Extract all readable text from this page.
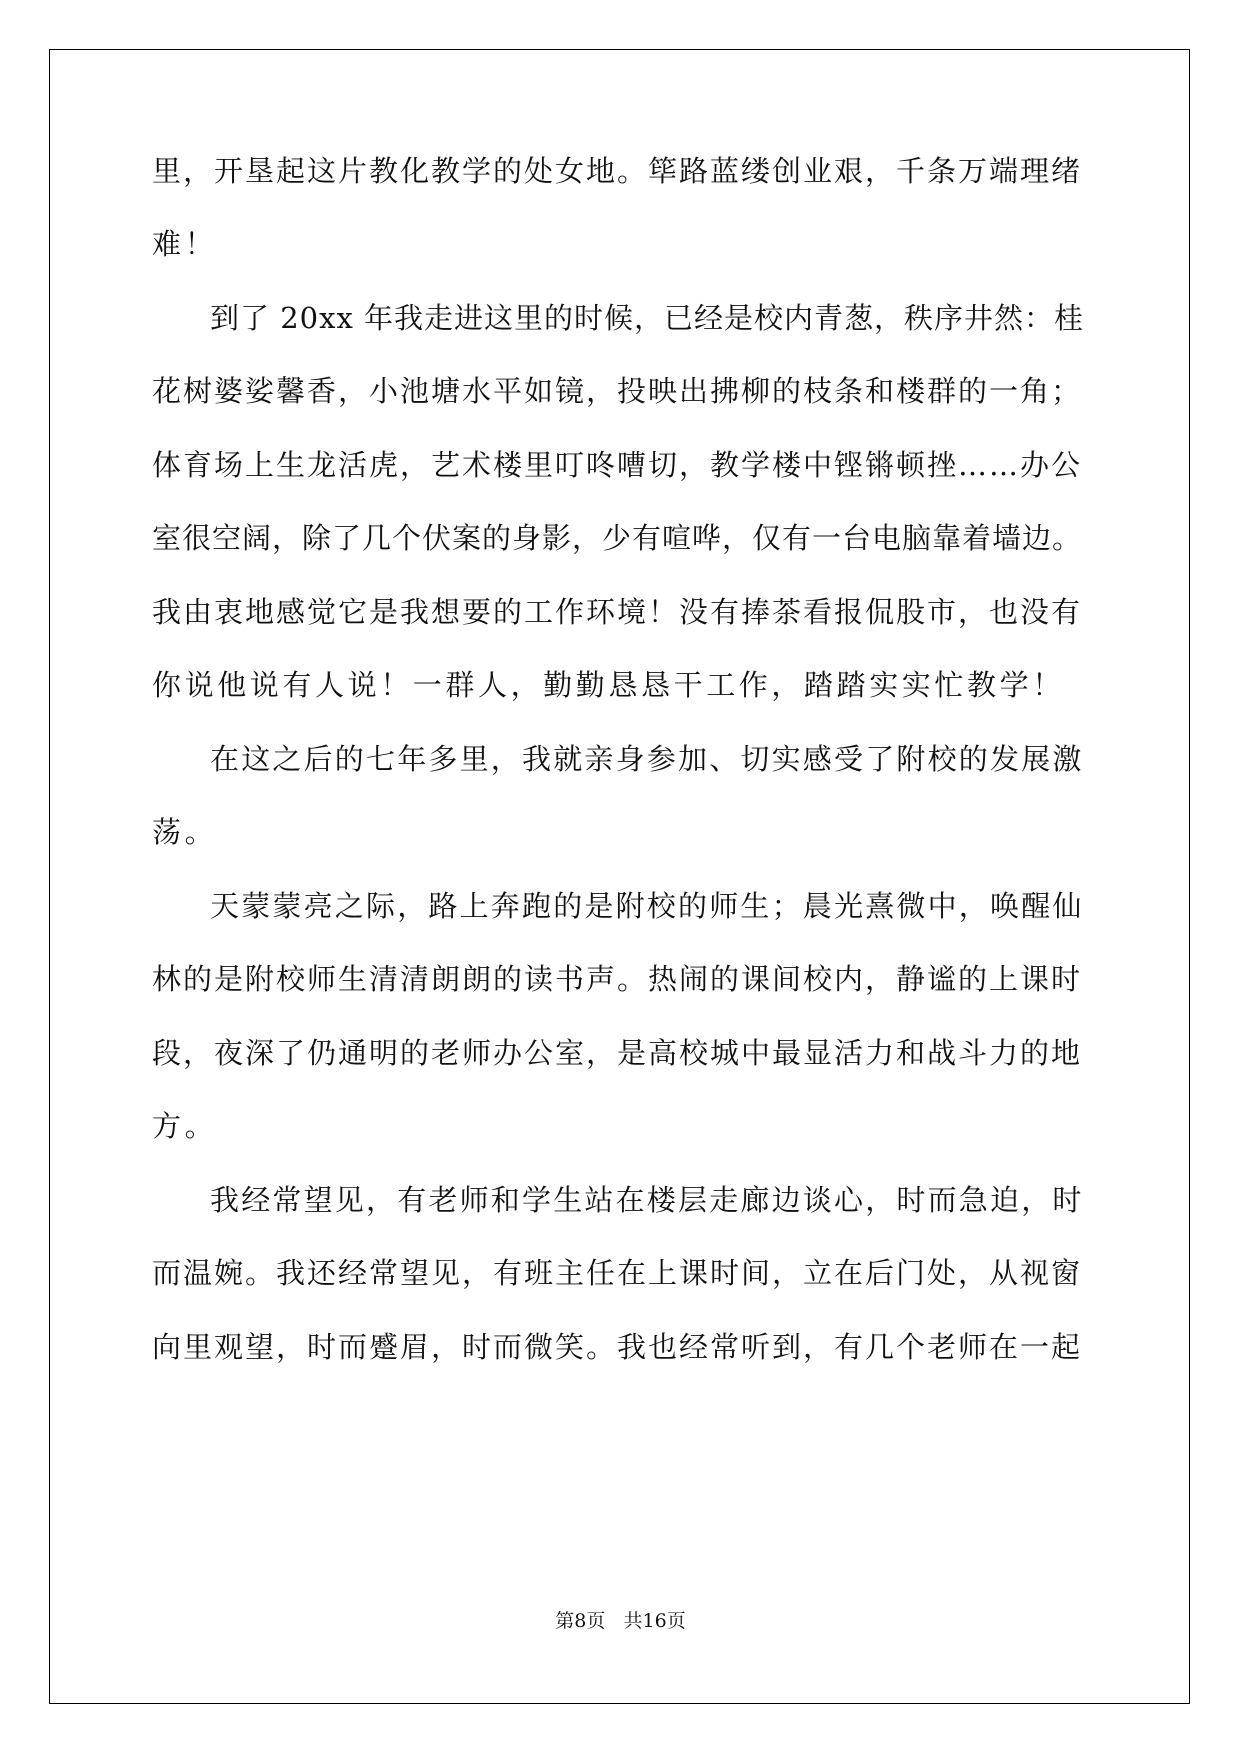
里，开垦起这片教化教学的处女地。筚路蓝缕创业艰，千条万端理绪
难！
到了 20xx 年我走进这里的时候，已经是校内青葱，秩序井然：桂
花树婆娑馨香，小池塘水平如镜，投映出拂柳的枝条和楼群的一角；
体育场上生龙活虎，艺术楼里叮咚嘈切，教学楼中铿锵顿挫……办公
室很空阔，除了几个伏案的身影，少有喧哗，仅有一台电脑靠着墙边。
我由衷地感觉它是我想要的工作环境！没有捧茶看报侃股市，也没有
你说他说有人说！一群人，勤勤恳恳干工作，踏踏实实忙教学！
在这之后的七年多里，我就亲身参加、切实感受了附校的发展激
荡。
天蒙蒙亮之际，路上奔跑的是附校的师生；晨光熹微中，唤醒仙
林的是附校师生清清朗朗的读书声。热闹的课间校内，静谧的上课时
段，夜深了仍通明的老师办公室，是高校城中最显活力和战斗力的地
方。
我经常望见，有老师和学生站在楼层走廊边谈心，时而急迫，时
而温婉。我还经常望见，有班主任在上课时间，立在后门处，从视窗
向里观望，时而蹙眉，时而微笑。我也经常听到，有几个老师在一起
第8页 共16页
